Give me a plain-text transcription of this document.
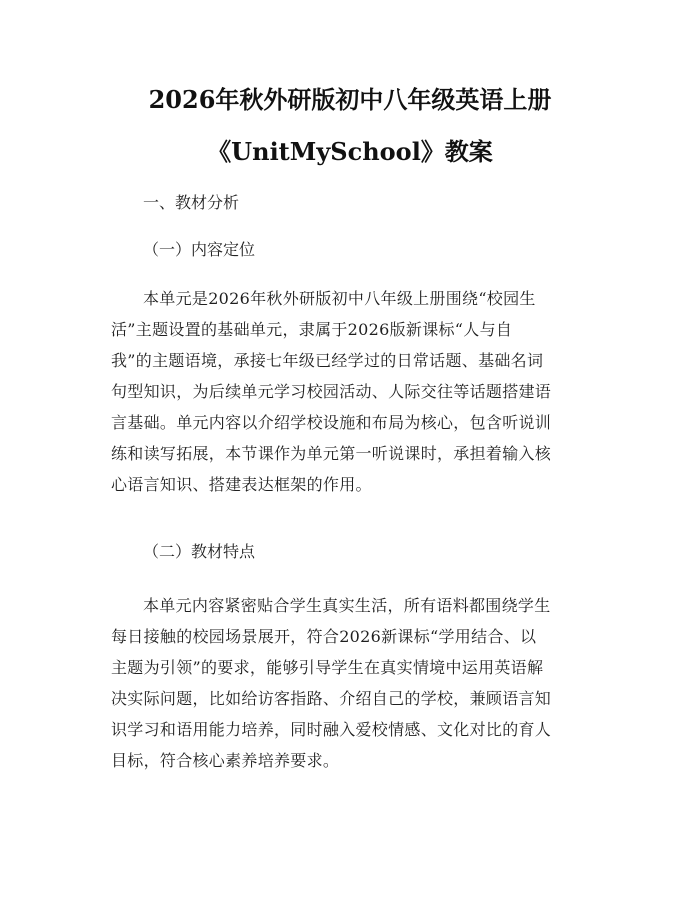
2026年秋外研版初中八年级英语上册
《UnitMySchool》教案
一、教材分析
（一）内容定位

本单元是2026年秋外研版初中八年级上册围绕“校园生
活”主题设置的基础单元，隶属于2026版新课标“人与自
我”的主题语境，承接七年级已经学过的日常话题、基础名词
句型知识，为后续单元学习校园活动、人际交往等话题搭建语
言基础。单元内容以介绍学校设施和布局为核心，包含听说训
练和读写拓展，本节课作为单元第一听说课时，承担着输入核
心语言知识、搭建表达框架的作用。

（二）教材特点

本单元内容紧密贴合学生真实生活，所有语料都围绕学生
每日接触的校园场景展开，符合2026新课标“学用结合、以
主题为引领”的要求，能够引导学生在真实情境中运用英语解
决实际问题，比如给访客指路、介绍自己的学校，兼顾语言知
识学习和语用能力培养，同时融入爱校情感、文化对比的育人
目标，符合核心素养培养要求。
